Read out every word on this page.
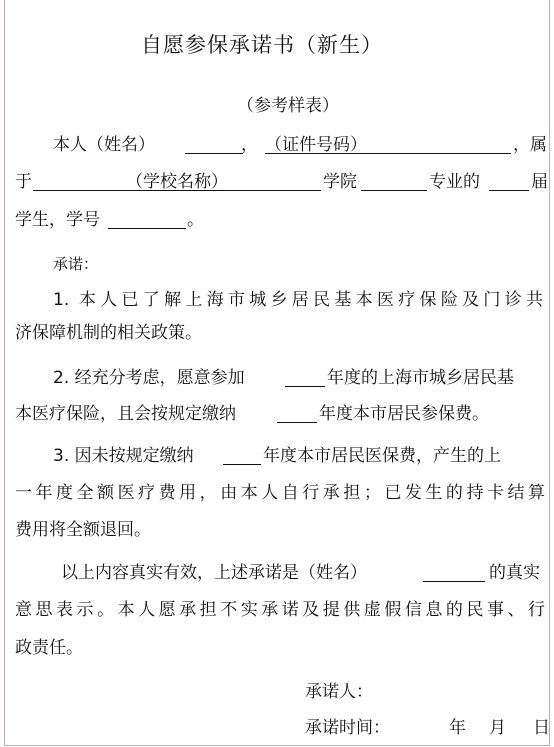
自愿参保承诺书（新生）
（参考样表）
本人（姓名）	， （证件号码）	，属
于	（学校名称）	学院	专业的	届
学生，学号	。
承诺：
1. 本人已了解上海市城乡居民基本医疗保险及门诊共
济保障机制的相关政策。
2. 经充分考虑，愿意参加	年度的上海市城乡居民基
本医疗保险，且会按规定缴纳	年度本市居民参保费。
3. 因未按规定缴纳	年度本市居民医保费，产生的上
一年度全额医疗费用，由本人自行承担；已发生的持卡结算
费用将全额退回。
以上内容真实有效，上述承诺是（姓名）	的真实
意思表示。本人愿承担不实承诺及提供虚假信息的民事、行
政责任。
承诺人：
承诺时间：	年 月 日
